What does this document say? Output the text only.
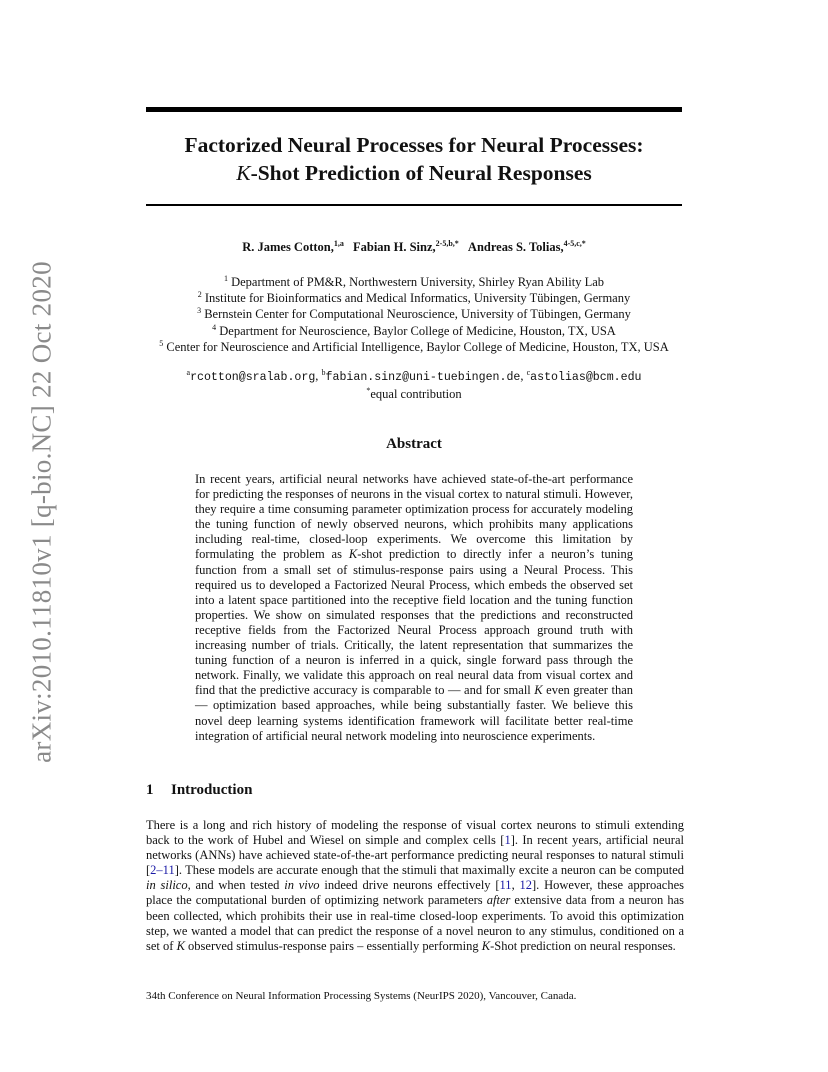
arXiv:2010.11810v1 [q-bio.NC] 22 Oct 2020
Factorized Neural Processes for Neural Processes:
K-Shot Prediction of Neural Responses
R. James Cotton,$^{1,a}$ Fabian H. Sinz,$^{2-5,b,*}$ Andreas S. Tolias,$^{4-5,c,*}$
$^1$ Department of PM&R, Northwestern University, Shirley Ryan Ability Lab
$^2$ Institute for Bioinformatics and Medical Informatics, University Tübingen, Germany
$^3$ Bernstein Center for Computational Neuroscience, University of Tübingen, Germany
$^4$ Department for Neuroscience, Baylor College of Medicine, Houston, TX, USA
$^5$ Center for Neuroscience and Artificial Intelligence, Baylor College of Medicine, Houston, TX, USA
$^a$rcotton@sralab.org, $^b$fabian.sinz@uni-tuebingen.de, $^c$astolias@bcm.edu
*equal contribution
Abstract
In recent years, artificial neural networks have achieved state-of-the-art performance for predicting the responses of neurons in the visual cortex to natural stimuli. However, they require a time consuming parameter optimization process for accurately modeling the tuning function of newly observed neurons, which prohibits many applications including real-time, closed-loop experiments. We overcome this limitation by formulating the problem as K-shot prediction to directly infer a neuron’s tuning function from a small set of stimulus-response pairs using a Neural Process. This required us to developed a Factorized Neural Process, which embeds the observed set into a latent space partitioned into the receptive field location and the tuning function properties. We show on simulated responses that the predictions and reconstructed receptive fields from the Factorized Neural Process approach ground truth with increasing number of trials. Critically, the latent representation that summarizes the tuning function of a neuron is inferred in a quick, single forward pass through the network. Finally, we validate this approach on real neural data from visual cortex and find that the predictive accuracy is comparable to — and for small K even greater than — optimization based approaches, while being substantially faster. We believe this novel deep learning systems identification framework will facilitate better real-time integration of artificial neural network modeling into neuroscience experiments.
1 Introduction
There is a long and rich history of modeling the response of visual cortex neurons to stimuli extending back to the work of Hubel and Wiesel on simple and complex cells [1]. In recent years, artificial neural networks (ANNs) have achieved state-of-the-art performance predicting neural responses to natural stimuli [2–11]. These models are accurate enough that the stimuli that maximally excite a neuron can be computed in silico, and when tested in vivo indeed drive neurons effectively [11, 12]. However, these approaches place the computational burden of optimizing network parameters after extensive data from a neuron has been collected, which prohibits their use in real-time closed-loop experiments. To avoid this optimization step, we wanted a model that can predict the response of a novel neuron to any stimulus, conditioned on a set of K observed stimulus-response pairs – essentially performing K-Shot prediction on neural responses.
34th Conference on Neural Information Processing Systems (NeurIPS 2020), Vancouver, Canada.
